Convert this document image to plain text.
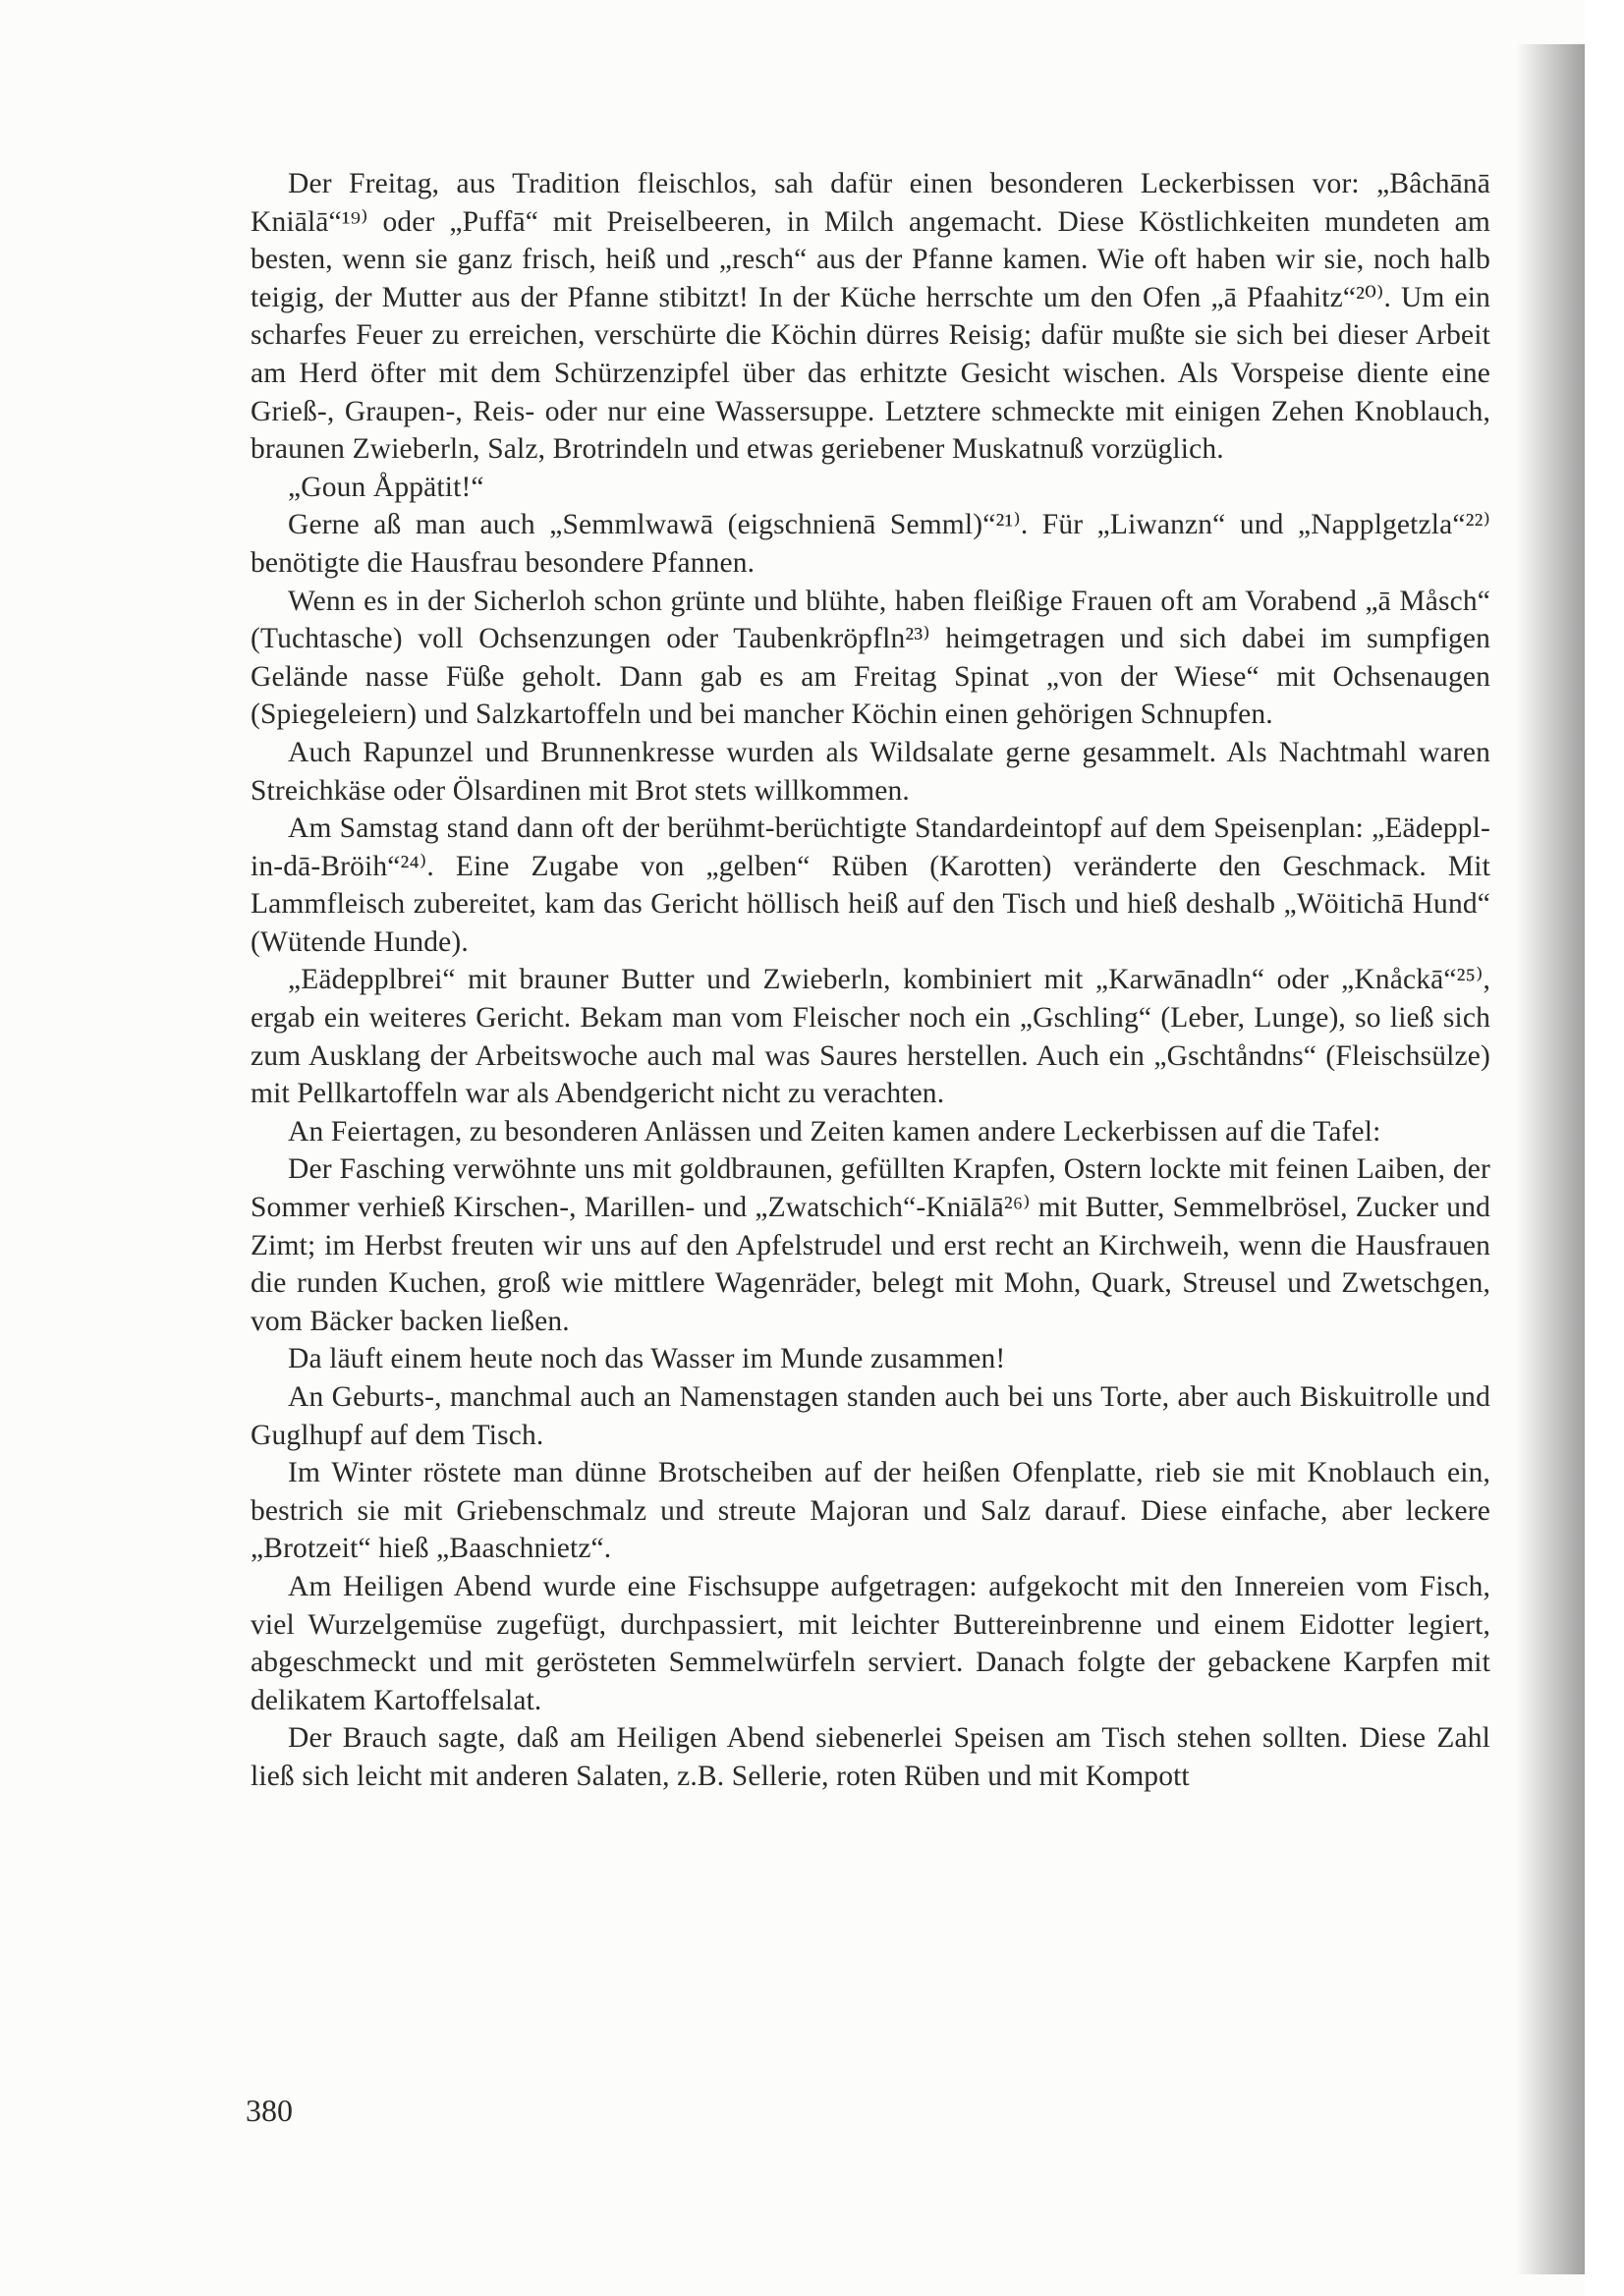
Der Freitag, aus Tradition fleischlos, sah dafür einen besonderen Leckerbissen vor: „Bâchānā Kniālā“¹⁹⁾ oder „Puffā“ mit Preiselbeeren, in Milch angemacht. Diese Köstlichkeiten mundeten am besten, wenn sie ganz frisch, heiß und „resch“ aus der Pfanne kamen. Wie oft haben wir sie, noch halb teigig, der Mutter aus der Pfanne stibitzt! In der Küche herrschte um den Ofen „ā Pfaahitz“²⁰⁾. Um ein scharfes Feuer zu erreichen, verschürte die Köchin dürres Reisig; dafür mußte sie sich bei dieser Arbeit am Herd öfter mit dem Schürzenzipfel über das erhitzte Gesicht wischen. Als Vorspeise diente eine Grieß-, Graupen-, Reis- oder nur eine Wassersuppe. Letztere schmeckte mit einigen Zehen Knoblauch, braunen Zwieberln, Salz, Brotrindeln und etwas geriebener Muskatnuß vorzüglich.

„Goun Åppätit!“

Gerne aß man auch „Semmlwawā (eigschnienā Semml)“²¹⁾. Für „Liwanzn“ und „Napplgetzla“²²⁾ benötigte die Hausfrau besondere Pfannen.

Wenn es in der Sicherloh schon grünte und blühte, haben fleißige Frauen oft am Vorabend „ā Måsch“ (Tuchtasche) voll Ochsenzungen oder Taubenkröpfln²³⁾ heimgetragen und sich dabei im sumpfigen Gelände nasse Füße geholt. Dann gab es am Freitag Spinat „von der Wiese“ mit Ochsenaugen (Spiegeleiern) und Salzkartoffeln und bei mancher Köchin einen gehörigen Schnupfen.

Auch Rapunzel und Brunnenkresse wurden als Wildsalate gerne gesammelt. Als Nachtmahl waren Streichkäse oder Ölsardinen mit Brot stets willkommen.

Am Samstag stand dann oft der berühmt-berüchtigte Standardeintopf auf dem Speisenplan: „Eädeppl-in-dā-Bröih“²⁴⁾. Eine Zugabe von „gelben“ Rüben (Karotten) veränderte den Geschmack. Mit Lammfleisch zubereitet, kam das Gericht höllisch heiß auf den Tisch und hieß deshalb „Wöitichā Hund“ (Wütende Hunde).

„Eädepplbrei“ mit brauner Butter und Zwieberln, kombiniert mit „Karwānadln“ oder „Knåckā“²⁵⁾, ergab ein weiteres Gericht. Bekam man vom Fleischer noch ein „Gschling“ (Leber, Lunge), so ließ sich zum Ausklang der Arbeitswoche auch mal was Saures herstellen. Auch ein „Gschtåndns“ (Fleischsülze) mit Pellkartoffeln war als Abendgericht nicht zu verachten.

An Feiertagen, zu besonderen Anlässen und Zeiten kamen andere Leckerbissen auf die Tafel:

Der Fasching verwöhnte uns mit goldbraunen, gefüllten Krapfen, Ostern lockte mit feinen Laiben, der Sommer verhieß Kirschen-, Marillen- und „Zwatschich“-Kniālā²⁶⁾ mit Butter, Semmelbrösel, Zucker und Zimt; im Herbst freuten wir uns auf den Apfelstrudel und erst recht an Kirchweih, wenn die Hausfrauen die runden Kuchen, groß wie mittlere Wagenräder, belegt mit Mohn, Quark, Streusel und Zwetschgen, vom Bäcker backen ließen.

Da läuft einem heute noch das Wasser im Munde zusammen!

An Geburts-, manchmal auch an Namenstagen standen auch bei uns Torte, aber auch Biskuitrolle und Guglhupf auf dem Tisch.

Im Winter röstete man dünne Brotscheiben auf der heißen Ofenplatte, rieb sie mit Knoblauch ein, bestrich sie mit Griebenschmalz und streute Majoran und Salz darauf. Diese einfache, aber leckere „Brotzeit“ hieß „Baaschnietz“.

Am Heiligen Abend wurde eine Fischsuppe aufgetragen: aufgekocht mit den Innereien vom Fisch, viel Wurzelgemüse zugefügt, durchpassiert, mit leichter Buttereinbrenne und einem Eidotter legiert, abgeschmeckt und mit gerösteten Semmelwürfeln serviert. Danach folgte der gebackene Karpfen mit delikatem Kartoffelsalat.

Der Brauch sagte, daß am Heiligen Abend siebenerlei Speisen am Tisch stehen sollten. Diese Zahl ließ sich leicht mit anderen Salaten, z.B. Sellerie, roten Rüben und mit Kompott

380
